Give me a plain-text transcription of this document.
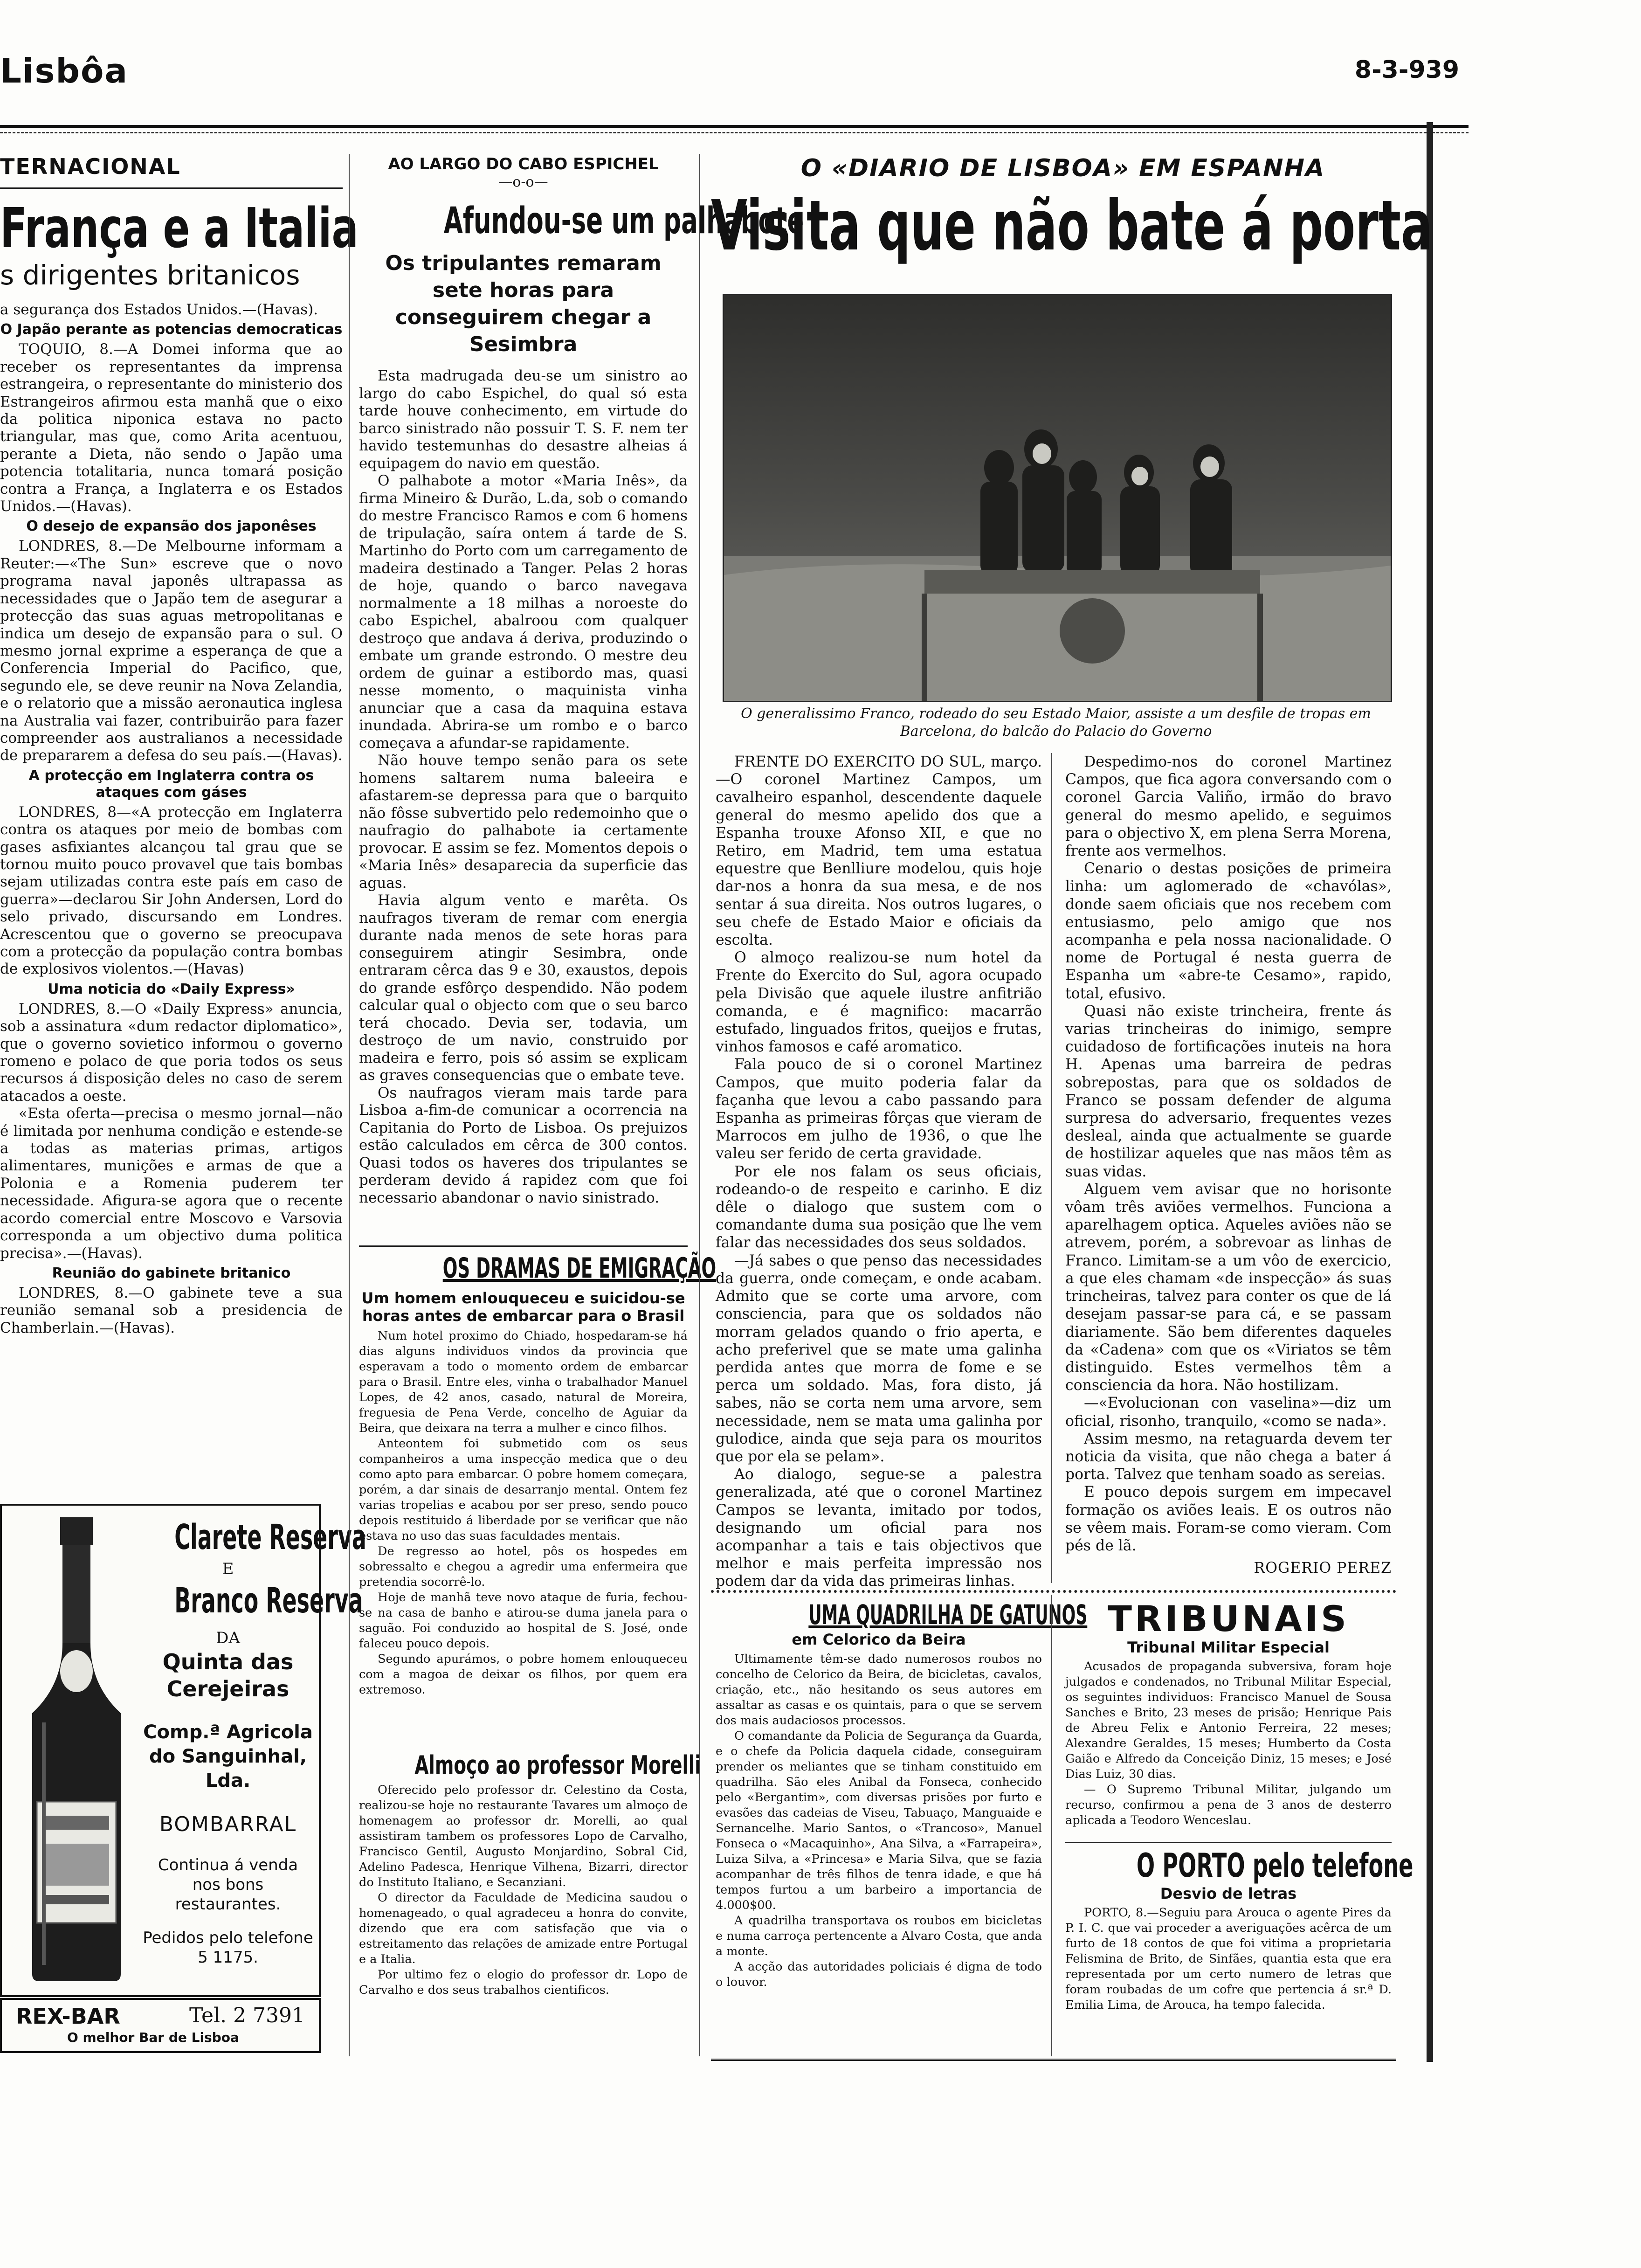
Lisbôa	8-3-939
TERNACIONAL
França e a Italia
s dirigentes britanicos

a segurança dos Estados Unidos.—(Havas).

O Japão perante as potencias democraticas

TOQUIO, 8.—A Domei informa que ao receber os representantes da imprensa estrangeira, o representante do ministerio dos Estrangeiros afirmou esta manhã que o eixo da politica niponica estava no pacto triangular, mas que, como Arita acentuou, perante a Dieta, não sendo o Japão uma potencia totalitaria, nunca tomará posição contra a França, a Inglaterra e os Estados Unidos.—(Havas).

O desejo de expansão dos japonêses

LONDRES, 8.—De Melbourne informam a Reuter:—«The Sun» escreve que o novo programa naval japonês ultrapassa as necessidades que o Japão tem de asegurar a protecção das suas aguas metropolitanas e indica um desejo de expansão para o sul. O mesmo jornal exprime a esperança de que a Conferencia Imperial do Pacifico, que, segundo ele, se deve reunir na Nova Zelandia, e o relatorio que a missão aeronautica inglesa na Australia vai fazer, contribuirão para fazer compreender aos australianos a necessidade de prepararem a defesa do seu país.—(Havas).

A protecção em Inglaterra contra os ataques com gáses

LONDRES, 8—«A protecção em Inglaterra contra os ataques por meio de bombas com gases asfixiantes alcançou tal grau que se tornou muito pouco provavel que tais bombas sejam utilizadas contra este país em caso de guerra»—declarou Sir John Andersen, Lord do selo privado, discursando em Londres. Acrescentou que o governo se preocupava com a protecção da população contra bombas de explosivos violentos.—(Havas)

Uma noticia do «Daily Express»

LONDRES, 8.—O «Daily Express» anuncia, sob a assinatura «dum redactor diplomatico», que o governo sovietico informou o governo romeno e polaco de que poria todos os seus recursos á disposição deles no caso de serem atacados a oeste.

«Esta oferta—precisa o mesmo jornal—não é limitada por nenhuma condição e estende-se a todas as materias primas, artigos alimentares, munições e armas de que a Polonia e a Romenia puderem ter necessidade. Afigura-se agora que o recente acordo comercial entre Moscovo e Varsovia corresponda a um objectivo duma politica precisa».—(Havas).

Reunião do gabinete britanico

LONDRES, 8.—O gabinete teve a sua reunião semanal sob a presidencia de Chamberlain.—(Havas).

Clarete Reserva
E
Branco Reserva
DA
Quinta das Cerejeiras
Comp.ª Agricola do Sanguinhal, Lda.
BOMBARRAL
Continua á venda nos bons restaurantes.
Pedidos pelo telefone 5 1175.
REX-BAR	Tel. 2 7391
O melhor Bar de Lisboa
AO LARGO DO CABO ESPICHEL
—o-o—
Afundou-se um palhabote
Os tripulantes remaram sete horas para conseguirem chegar a Sesimbra

Esta madrugada deu-se um sinistro ao largo do cabo Espichel, do qual só esta tarde houve conhecimento, em virtude do barco sinistrado não possuir T. S. F. nem ter havido testemunhas do desastre alheias á equipagem do navio em questão.

O palhabote a motor «Maria Inês», da firma Mineiro & Durão, L.da, sob o comando do mestre Francisco Ramos e com 6 homens de tripulação, saíra ontem á tarde de S. Martinho do Porto com um carregamento de madeira destinado a Tanger. Pelas 2 horas de hoje, quando o barco navegava normalmente a 18 milhas a noroeste do cabo Espichel, abalroou com qualquer destroço que andava á deriva, produzindo o embate um grande estrondo. O mestre deu ordem de guinar a estibordo mas, quasi nesse momento, o maquinista vinha anunciar que a casa da maquina estava inundada. Abrira-se um rombo e o barco começava a afundar-se rapidamente.

Não houve tempo senão para os sete homens saltarem numa baleeira e afastarem-se depressa para que o barquito não fôsse subvertido pelo redemoinho que o naufragio do palhabote ia certamente provocar. E assim se fez. Momentos depois o «Maria Inês» desaparecia da superficie das aguas.

Havia algum vento e marêta. Os naufragos tiveram de remar com energia durante nada menos de sete horas para conseguirem atingir Sesimbra, onde entraram cêrca das 9 e 30, exaustos, depois do grande esfôrço despendido. Não podem calcular qual o objecto com que o seu barco terá chocado. Devia ser, todavia, um destroço de um navio, construido por madeira e ferro, pois só assim se explicam as graves consequencias que o embate teve.

Os naufragos vieram mais tarde para Lisboa a-fim-de comunicar a ocorrencia na Capitania do Porto de Lisboa. Os prejuizos estão calculados em cêrca de 300 contos. Quasi todos os haveres dos tripulantes se perderam devido á rapidez com que foi necessario abandonar o navio sinistrado.

OS DRAMAS DE EMIGRAÇÃO
Um homem enlouqueceu e suicidou-se horas antes de embarcar para o Brasil

Num hotel proximo do Chiado, hospedaram-se há dias alguns individuos vindos da provincia que esperavam a todo o momento ordem de embarcar para o Brasil. Entre eles, vinha o trabalhador Manuel Lopes, de 42 anos, casado, natural de Moreira, freguesia de Pena Verde, concelho de Aguiar da Beira, que deixara na terra a mulher e cinco filhos.

Anteontem foi submetido com os seus companheiros a uma inspecção medica que o deu como apto para embarcar. O pobre homem começara, porém, a dar sinais de desarranjo mental. Ontem fez varias tropelias e acabou por ser preso, sendo pouco depois restituido á liberdade por se verificar que não estava no uso das suas faculdades mentais.

De regresso ao hotel, pôs os hospedes em sobressalto e chegou a agredir uma enfermeira que pretendia socorrê-lo.

Hoje de manhã teve novo ataque de furia, fechou-se na casa de banho e atirou-se duma janela para o saguão. Foi conduzido ao hospital de S. José, onde faleceu pouco depois.

Segundo apurámos, o pobre homem enlouqueceu com a magoa de deixar os filhos, por quem era extremoso.

Almoço ao professor Morelli

Oferecido pelo professor dr. Celestino da Costa, realizou-se hoje no restaurante Tavares um almoço de homenagem ao professor dr. Morelli, ao qual assistiram tambem os professores Lopo de Carvalho, Francisco Gentil, Augusto Monjardino, Sobral Cid, Adelino Padesca, Henrique Vilhena, Bizarri, director do Instituto Italiano, e Secanziani.

O director da Faculdade de Medicina saudou o homenageado, o qual agradeceu a honra do convite, dizendo que era com satisfação que via o estreitamento das relações de amizade entre Portugal e a Italia.

Por ultimo fez o elogio do professor dr. Lopo de Carvalho e dos seus trabalhos cientificos.

O «DIARIO DE LISBOA» EM ESPANHA
Visita que não bate á porta
O generalissimo Franco, rodeado do seu Estado Maior, assiste a um desfile de tropas em Barcelona, do balcão do Palacio do Governo

FRENTE DO EXERCITO DO SUL, março.—O coronel Martinez Campos, um cavalheiro espanhol, descendente daquele general do mesmo apelido dos que a Espanha trouxe Afonso XII, e que no Retiro, em Madrid, tem uma estatua equestre que Benlliure modelou, quis hoje dar-nos a honra da sua mesa, e de nos sentar á sua direita. Nos outros lugares, o seu chefe de Estado Maior e oficiais da escolta.

O almoço realizou-se num hotel da Frente do Exercito do Sul, agora ocupado pela Divisão que aquele ilustre anfitrião comanda, e é magnifico: macarrão estufado, linguados fritos, queijos e frutas, vinhos famosos e café aromatico.

Fala pouco de si o coronel Martinez Campos, que muito poderia falar da façanha que levou a cabo passando para Espanha as primeiras fôrças que vieram de Marrocos em julho de 1936, o que lhe valeu ser ferido de certa gravidade.

Por ele nos falam os seus oficiais, rodeando-o de respeito e carinho. E diz dêle o dialogo que sustem com o comandante duma sua posição que lhe vem falar das necessidades dos seus soldados.

—Já sabes o que penso das necessidades da guerra, onde começam, e onde acabam. Admito que se corte uma arvore, com consciencia, para que os soldados não morram gelados quando o frio aperta, e acho preferivel que se mate uma galinha perdida antes que morra de fome e se perca um soldado. Mas, fora disto, já sabes, não se corta nem uma arvore, sem necessidade, nem se mata uma galinha por gulodice, ainda que seja para os mouritos que por ela se pelam».

Ao dialogo, segue-se a palestra generalizada, até que o coronel Martinez Campos se levanta, imitado por todos, designando um oficial para nos acompanhar a tais e tais objectivos que melhor e mais perfeita impressão nos podem dar da vida das primeiras linhas.

Despedimo-nos do coronel Martinez Campos, que fica agora conversando com o coronel Garcia Valiño, irmão do bravo general do mesmo apelido, e seguimos para o objectivo X, em plena Serra Morena, frente aos vermelhos.

Cenario o destas posições de primeira linha: um aglomerado de «chavólas», donde saem oficiais que nos recebem com entusiasmo, pelo amigo que nos acompanha e pela nossa nacionalidade. O nome de Portugal é nesta guerra de Espanha um «abre-te Cesamo», rapido, total, efusivo.

Quasi não existe trincheira, frente ás varias trincheiras do inimigo, sempre cuidadoso de fortificações inuteis na hora H. Apenas uma barreira de pedras sobrepostas, para que os soldados de Franco se possam defender de alguma surpresa do adversario, frequentes vezes desleal, ainda que actualmente se guarde de hostilizar aqueles que nas mãos têm as suas vidas.

Alguem vem avisar que no horisonte vôam três aviões vermelhos. Funciona a aparelhagem optica. Aqueles aviões não se atrevem, porém, a sobrevoar as linhas de Franco. Limitam-se a um vôo de exercicio, a que eles chamam «de inspecção» ás suas trincheiras, talvez para conter os que de lá desejam passar-se para cá, e se passam diariamente. São bem diferentes daqueles da «Cadena» com que os «Viriatos se têm distinguido. Estes vermelhos têm a consciencia da hora. Não hostilizam.

—«Evolucionan con vaselina»—diz um oficial, risonho, tranquilo, «como se nada».

Assim mesmo, na retaguarda devem ter noticia da visita, que não chega a bater á porta. Talvez que tenham soado as sereias.

E pouco depois surgem em impecavel formação os aviões leais. E os outros não se vêem mais. Foram-se como vieram. Com pés de lã.

ROGERIO PEREZ
UMA QUADRILHA DE GATUNOS
em Celorico da Beira

Ultimamente têm-se dado numerosos roubos no concelho de Celorico da Beira, de bicicletas, cavalos, criação, etc., não hesitando os seus autores em assaltar as casas e os quintais, para o que se servem dos mais audaciosos processos.

O comandante da Policia de Segurança da Guarda, e o chefe da Policia daquela cidade, conseguiram prender os meliantes que se tinham constituido em quadrilha. São eles Anibal da Fonseca, conhecido pelo «Bergantim», com diversas prisões por furto e evasões das cadeias de Viseu, Tabuaço, Manguaide e Sernancelhe. Mario Santos, o «Trancoso», Manuel Fonseca o «Macaquinho», Ana Silva, a «Farrapeira», Luiza Silva, a «Princesa» e Maria Silva, que se fazia acompanhar de três filhos de tenra idade, e que há tempos furtou a um barbeiro a importancia de 4.000$00.

A quadrilha transportava os roubos em bicicletas e numa carroça pertencente a Alvaro Costa, que anda a monte.

A acção das autoridades policiais é digna de todo o louvor.

TRIBUNAIS
Tribunal Militar Especial

Acusados de propaganda subversiva, foram hoje julgados e condenados, no Tribunal Militar Especial, os seguintes individuos: Francisco Manuel de Sousa Sanches e Brito, 23 meses de prisão; Henrique Pais de Abreu Felix e Antonio Ferreira, 22 meses; Alexandre Geraldes, 15 meses; Humberto da Costa Gaião e Alfredo da Conceição Diniz, 15 meses; e José Dias Luiz, 30 dias.

— O Supremo Tribunal Militar, julgando um recurso, confirmou a pena de 3 anos de desterro aplicada a Teodoro Wenceslau.

O PORTO pelo telefone
Desvio de letras

PORTO, 8.—Seguiu para Arouca o agente Pires da P. I. C. que vai proceder a averiguações acêrca de um furto de 18 contos de que foi vitima a proprietaria Felismina de Brito, de Sinfães, quantia esta que era representada por um certo numero de letras que foram roubadas de um cofre que pertencia á sr.ª D. Emilia Lima, de Arouca, ha tempo falecida.
